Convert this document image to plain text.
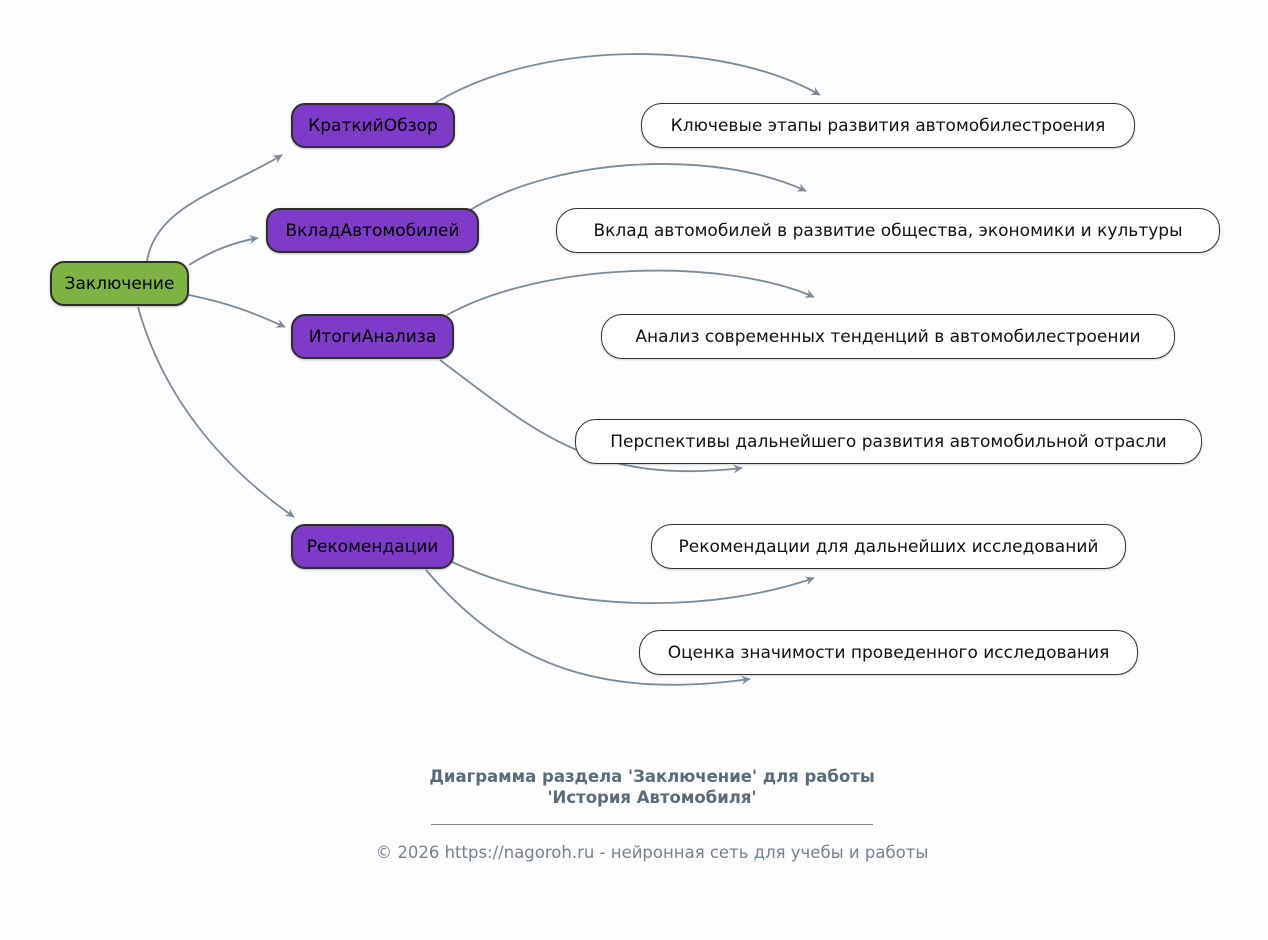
Заключение
КраткийОбзор
ВкладАвтомобилей
ИтогиАнализа
Рекомендации
Ключевые этапы развития автомобилестроения
Вклад автомобилей в развитие общества, экономики и культуры
Анализ современных тенденций в автомобилестроении
Перспективы дальнейшего развития автомобильной отрасли
Рекомендации для дальнейших исследований
Оценка значимости проведенного исследования
Диаграмма раздела 'Заключение' для работы
'История Автомобиля'
© 2026 https://nagoroh.ru - нейронная сеть для учебы и работы
